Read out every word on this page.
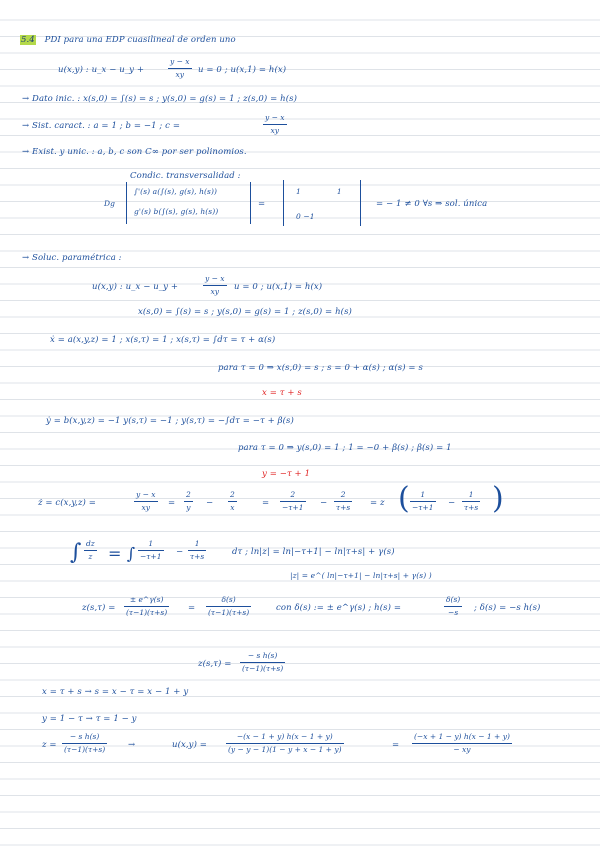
5.4 PDI para una EDP cuasilineal de orden uno
u(x,y) : u_x − u_y +
y − x
xy	u = 0 ; u(x,1) = h(x)
→ Dato inic. : x(s,0) = ∫(s) = s ; y(s,0) = g(s) = 1 ; z(s,0) = h(s)
→ Sist. caract. : a = 1 ; b = −1 ; c =
y − x
xy
→ Exist. y unic. : a, b, c son C∞ por ser polinomios.
Condic. transversalidad :
∫'(s) a(∫(s), g(s), h(s))
g'(s) b(∫(s), g(s), h(s))
=
1	1
0 −1
= − 1 ≠ 0 ∀s ⇒ sol. única
Dg
→ Soluc. paramétrica :
u(x,y) : u_x − u_y +
y − x
xy	u = 0 ; u(x,1) = h(x)
x(s,0) = ∫(s) = s ; y(s,0) = g(s) = 1 ; z(s,0) = h(s)
ẋ = a(x,y,z) = 1 ; x(s,τ) = 1 ; x(s,τ) = ∫dτ = τ + α(s)
para τ = 0 ⇒ x(s,0) = s ; s = 0 + α(s) ; α(s) = s
x = τ + s
ẏ = b(x,y,z) = −1 y(s,τ) = −1 ; y(s,τ) = −∫dτ = −τ + β(s)
para τ = 0 ⇒ y(s,0) = 1 ; 1 = −0 + β(s) ; β(s) = 1
y = −τ + 1
ż = c(x,y,z) =
y − x
xy	=
2
y −
2
x	=
2
−τ+1 −
2
τ+s = z (	1
−τ+1 −
1
τ+s )
∫ dz
z = ∫
1
−τ+1 −
1
τ+s	dτ ; ln|z| = ln|−τ+1| − ln|τ+s| + γ(s)
|z| = e^( ln|−τ+1| − ln|τ+s| + γ(s) )
z(s,τ) =
± e^γ(s)
(τ−1)(τ+s) =
δ(s)
(τ−1)(τ+s)	con δ(s) := ± e^γ(s) ; h(s) =
δ(s)
−s	; δ(s) = −s h(s)
z(s,τ) =
− s h(s)
(τ−1)(τ+s)
x = τ + s → s = x − τ = x − 1 + y
y = 1 − τ → τ = 1 − y
z =
− s h(s)
(τ−1)(τ+s)	→	u(x,y) =
−(x − 1 + y) h(x − 1 + y)
(y − y − 1)(1 − y + x − 1 + y)	=
(−x + 1 − y) h(x − 1 + y)
− xy
